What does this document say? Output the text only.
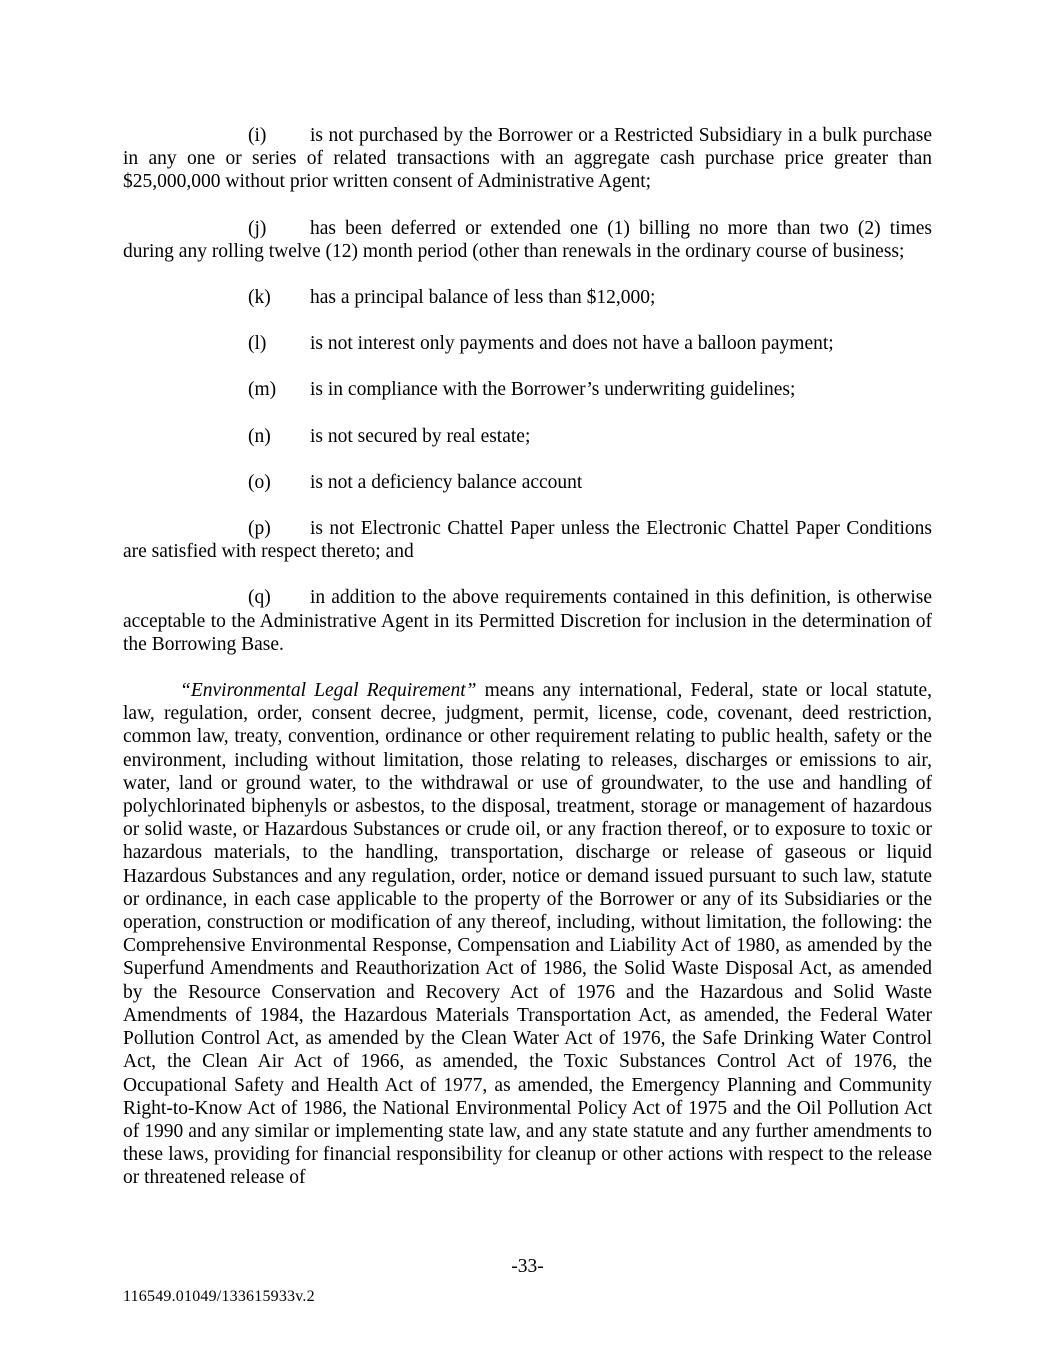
(i) is not purchased by the Borrower or a Restricted Subsidiary in a bulk purchase in any one or series of related transactions with an aggregate cash purchase price greater than $25,000,000 without prior written consent of Administrative Agent;

(j) has been deferred or extended one (1) billing no more than two (2) times during any rolling twelve (12) month period (other than renewals in the ordinary course of business;

(k) has a principal balance of less than $12,000;

(l) is not interest only payments and does not have a balloon payment;

(m) is in compliance with the Borrower’s underwriting guidelines;

(n) is not secured by real estate;

(o) is not a deficiency balance account

(p) is not Electronic Chattel Paper unless the Electronic Chattel Paper Conditions are satisfied with respect thereto; and

(q) in addition to the above requirements contained in this definition, is otherwise acceptable to the Administrative Agent in its Permitted Discretion for inclusion in the determination of the Borrowing Base.

“Environmental Legal Requirement” means any international, Federal, state or local statute, law, regulation, order, consent decree, judgment, permit, license, code, covenant, deed restriction, common law, treaty, convention, ordinance or other requirement relating to public health, safety or the environment, including without limitation, those relating to releases, discharges or emissions to air, water, land or ground water, to the withdrawal or use of groundwater, to the use and handling of polychlorinated biphenyls or asbestos, to the disposal, treatment, storage or management of hazardous or solid waste, or Hazardous Substances or crude oil, or any fraction thereof, or to exposure to toxic or hazardous materials, to the handling, transportation, discharge or release of gaseous or liquid Hazardous Substances and any regulation, order, notice or demand issued pursuant to such law, statute or ordinance, in each case applicable to the property of the Borrower or any of its Subsidiaries or the operation, construction or modification of any thereof, including, without limitation, the following: the Comprehensive Environmental Response, Compensation and Liability Act of 1980, as amended by the Superfund Amendments and Reauthorization Act of 1986, the Solid Waste Disposal Act, as amended by the Resource Conservation and Recovery Act of 1976 and the Hazardous and Solid Waste Amendments of 1984, the Hazardous Materials Transportation Act, as amended, the Federal Water Pollution Control Act, as amended by the Clean Water Act of 1976, the Safe Drinking Water Control Act, the Clean Air Act of 1966, as amended, the Toxic Substances Control Act of 1976, the Occupational Safety and Health Act of 1977, as amended, the Emergency Planning and Community Right-to-Know Act of 1986, the National Environmental Policy Act of 1975 and the Oil Pollution Act of 1990 and any similar or implementing state law, and any state statute and any further amendments to these laws, providing for financial responsibility for cleanup or other actions with respect to the release or threatened release of

-33-
116549.01049/133615933v.2
